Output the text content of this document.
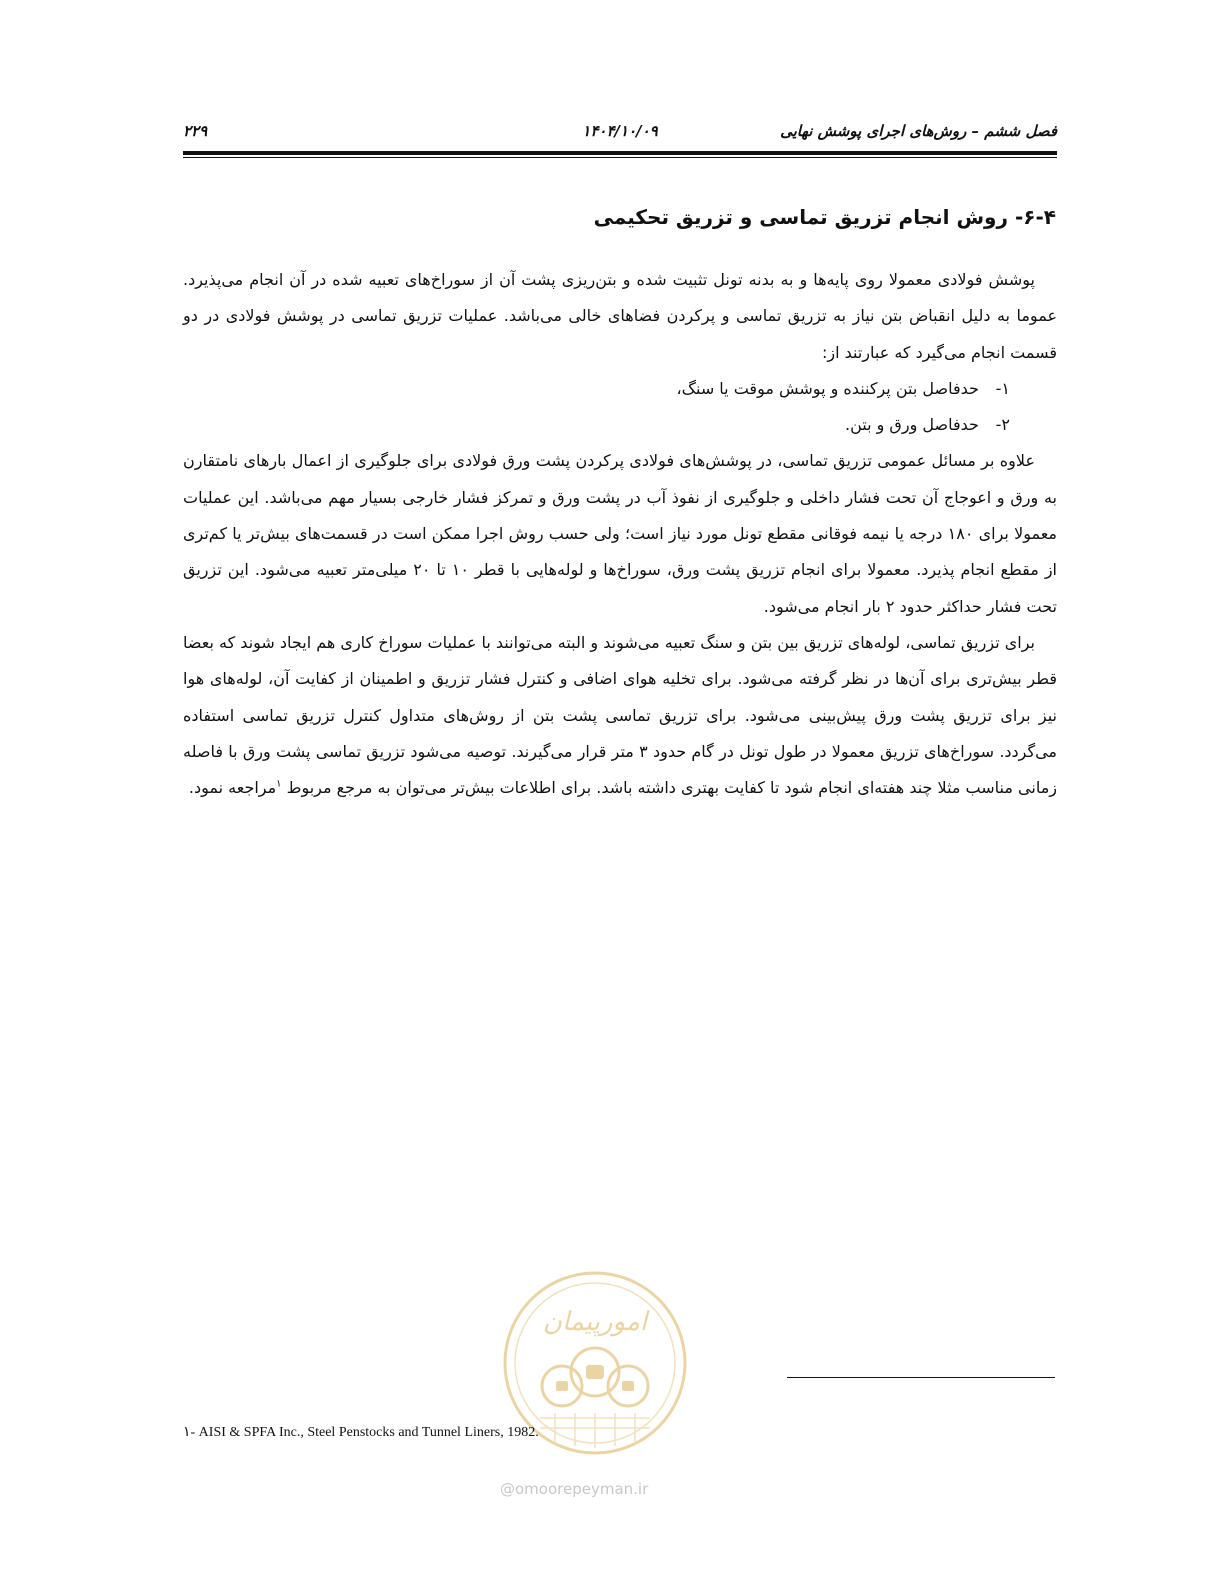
فصل ششم – روش‌های اجرای پوشش نهایی
۱۴۰۴/۱۰/۰۹
۲۲۹
۶-۴- روش انجام تزریق تماسی و تزریق تحکیمی

پوشش فولادی معمولا روی پایه‌ها و به بدنه تونل تثبیت شده و بتن‌ریزی پشت آن از سوراخ‌های تعبیه شده در آن انجام می‌پذیرد. عموما به دلیل انقباض بتن نیاز به تزریق تماسی و پرکردن فضاهای خالی می‌باشد. عملیات تزریق تماسی در پوشش فولادی در دو قسمت انجام می‌گیرد که عبارتند از:

۱- حدفاصل بتن پرکننده و پوشش موقت یا سنگ،
۲- حدفاصل ورق و بتن.

علاوه بر مسائل عمومی تزریق تماسی، در پوشش‌های فولادی پرکردن پشت ورق فولادی برای جلوگیری از اعمال بارهای نامتقارن به ورق و اعوجاج آن تحت فشار داخلی و جلوگیری از نفوذ آب در پشت ورق و تمرکز فشار خارجی بسیار مهم می‌باشد. این عملیات معمولا برای ۱۸۰ درجه یا نیمه فوقانی مقطع تونل مورد نیاز است؛ ولی حسب روش اجرا ممکن است در قسمت‌های بیش‌تر یا کم‌تری از مقطع انجام پذیرد. معمولا برای انجام تزریق پشت ورق، سوراخ‌ها و لوله‌هایی با قطر ۱۰ تا ۲۰ میلی‌متر تعبیه می‌شود. این تزریق تحت فشار حداکثر حدود ۲ بار انجام می‌شود.

برای تزریق تماسی، لوله‌های تزریق بین بتن و سنگ تعبیه می‌شوند و البته می‌توانند با عملیات سوراخ کاری هم ایجاد شوند که بعضا قطر بیش‌تری برای آن‌ها در نظر گرفته می‌شود. برای تخلیه هوای اضافی و کنترل فشار تزریق و اطمینان از کفایت آن، لوله‌های هوا نیز برای تزریق پشت ورق پیش‌بینی می‌شود. برای تزریق تماسی پشت بتن از روش‌های متداول کنترل تزریق تماسی استفاده می‌گردد. سوراخ‌های تزریق معمولا در طول تونل در گام حدود ۳ متر قرار می‌گیرند. توصیه می‌شود تزریق تماسی پشت ورق با فاصله زمانی مناسب مثلا چند هفته‌ای انجام شود تا کفایت بهتری داشته باشد. برای اطلاعات بیش‌تر می‌توان به مرجع مربوط $^۱$مراجعه نمود.

امورپیمان
@omoorepeyman.ir
۱- AISI & SPFA Inc., Steel Penstocks and Tunnel Liners, 1982.
